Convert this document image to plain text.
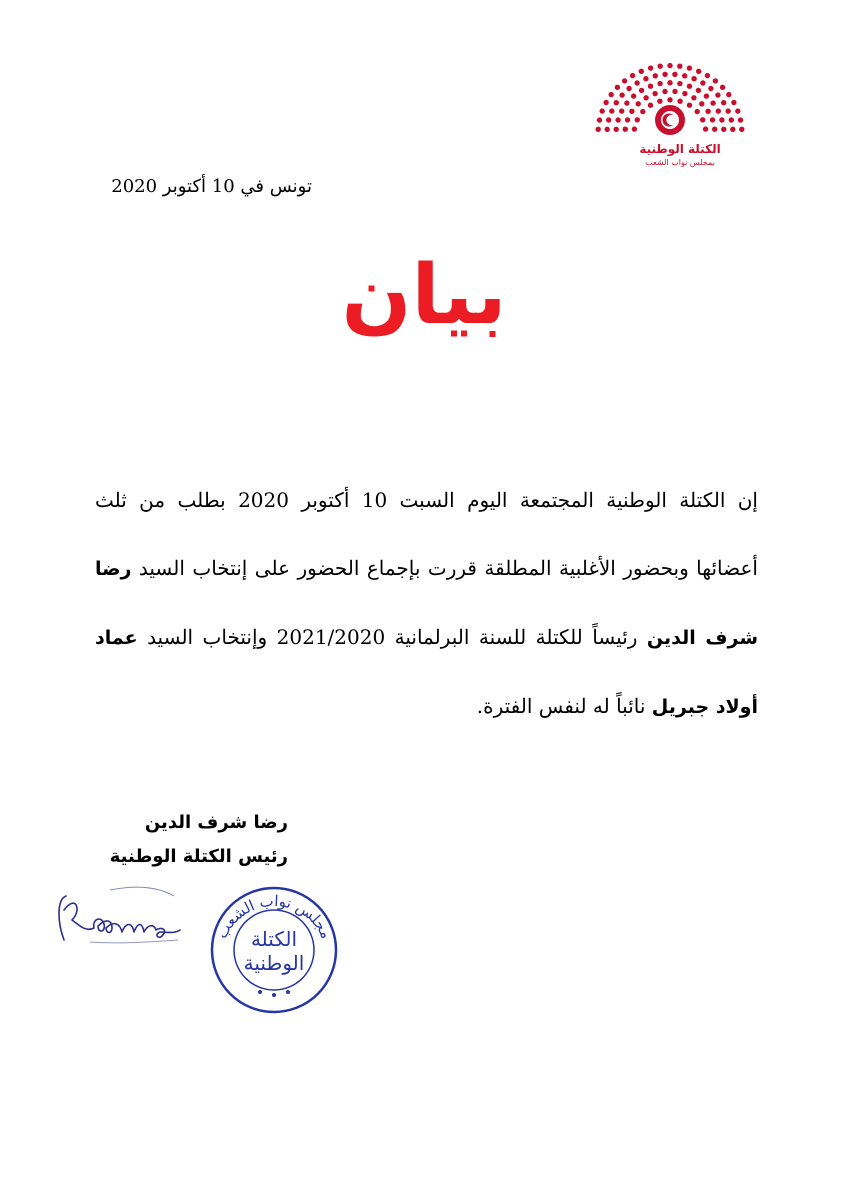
الكتلة الوطنية
بمجلس نواب الشعب
تونس في 10 أكتوبر 2020
بيان
إن الكتلة الوطنية المجتمعة اليوم السبت 10 أكتوبر 2020 بطلب من ثلث أعضائها وبحضور الأغلبية المطلقة قررت بإجماع الحضور على إنتخاب السيد رضا شرف الدين رئيساً للكتلة للسنة البرلمانية 2021/2020 وإنتخاب السيد عماد أولاد جبريل نائباً له لنفس الفترة.
رضا شرف الدين
رئيس الكتلة الوطنية
مجلس نواب الشعب
الكتلة
الوطنية
